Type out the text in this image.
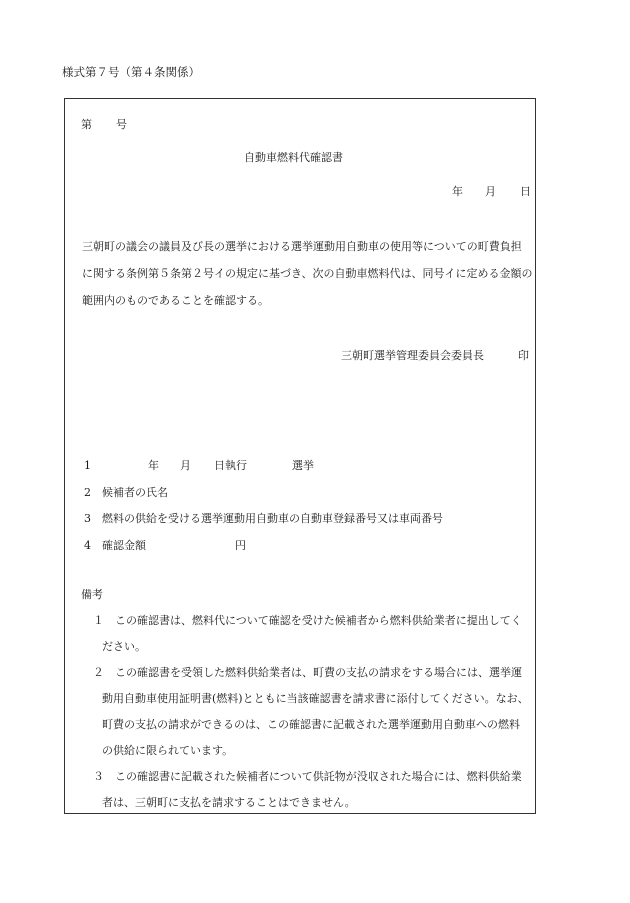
様式第７号（第４条関係）
第 号
自動車燃料代確認書
年 月 日
三朝町の議会の議員及び長の選挙における選挙運動用自動車の使用等についての町費負担
に関する条例第５条第２号イの規定に基づき、次の自動車燃料代は、同号イに定める金額の
範囲内のものであることを確認する。
三朝町選挙管理委員会委員長	印
1	年 月 日執行	選挙
2 候補者の氏名
3 燃料の供給を受ける選挙運動用自動車の自動車登録番号又は車両番号
4 確認金額	円
備考
１　 この確認書は、燃料代について確認を受けた候補者から燃料供給業者に提出してく
ださい。
２　 この確認書を受領した燃料供給業者は、町費の支払の請求をする場合には、選挙運
動用自動車使用証明書(燃料)とともに当該確認書を請求書に添付してください。なお、
町費の支払の請求ができるのは、この確認書に記載された選挙運動用自動車への燃料
の供給に限られています。
３　 この確認書に記載された候補者について供託物が没収された場合には、燃料供給業
者は、三朝町に支払を請求することはできません。
